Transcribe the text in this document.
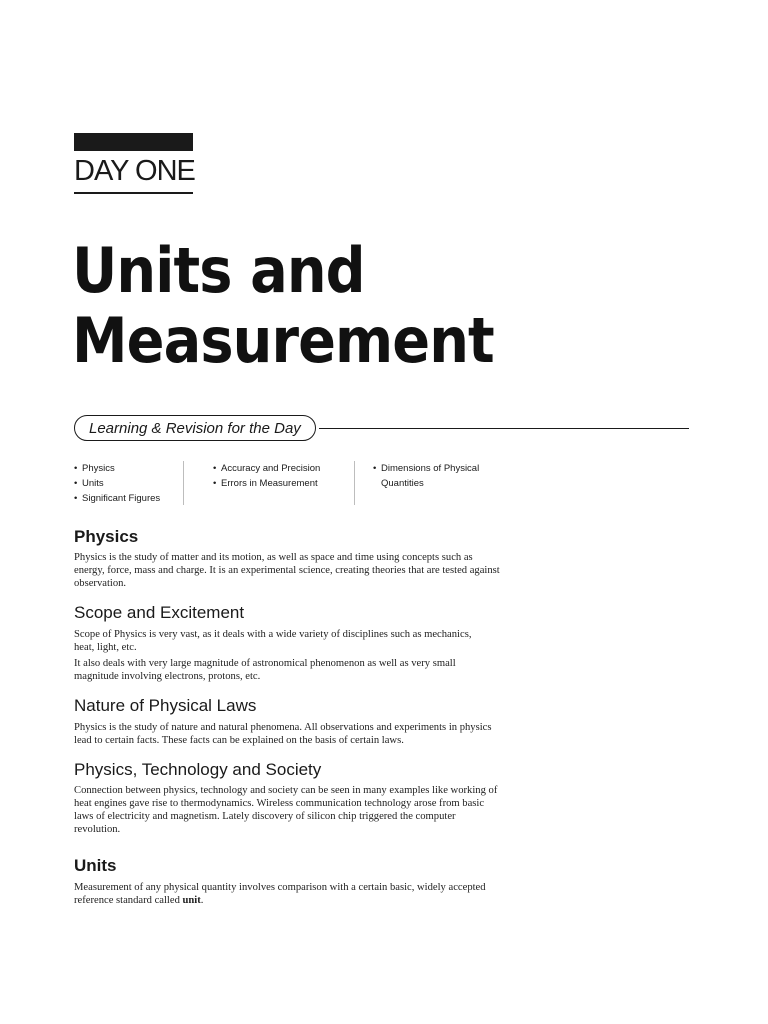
DAY ONE
Units and
Measurement
Learning & Revision for the Day
• Physics
• Units
• Significant Figures
• Accuracy and Precision
• Errors in Measurement
• Dimensions of Physical Quantities
Physics

Physics is the study of matter and its motion, as well as space and time using concepts such as energy, force, mass and charge. It is an experimental science, creating theories that are tested against observation.

Scope and Excitement

Scope of Physics is very vast, as it deals with a wide variety of disciplines such as mechanics, heat, light, etc.

It also deals with very large magnitude of astronomical phenomenon as well as very small magnitude involving electrons, protons, etc.

Nature of Physical Laws

Physics is the study of nature and natural phenomena. All observations and experiments in physics lead to certain facts. These facts can be explained on the basis of certain laws.

Physics, Technology and Society

Connection between physics, technology and society can be seen in many examples like working of heat engines gave rise to thermodynamics. Wireless communication technology arose from basic laws of electricity and magnetism. Lately discovery of silicon chip triggered the computer revolution.

Units

Measurement of any physical quantity involves comparison with a certain basic, widely accepted reference standard called unit.
